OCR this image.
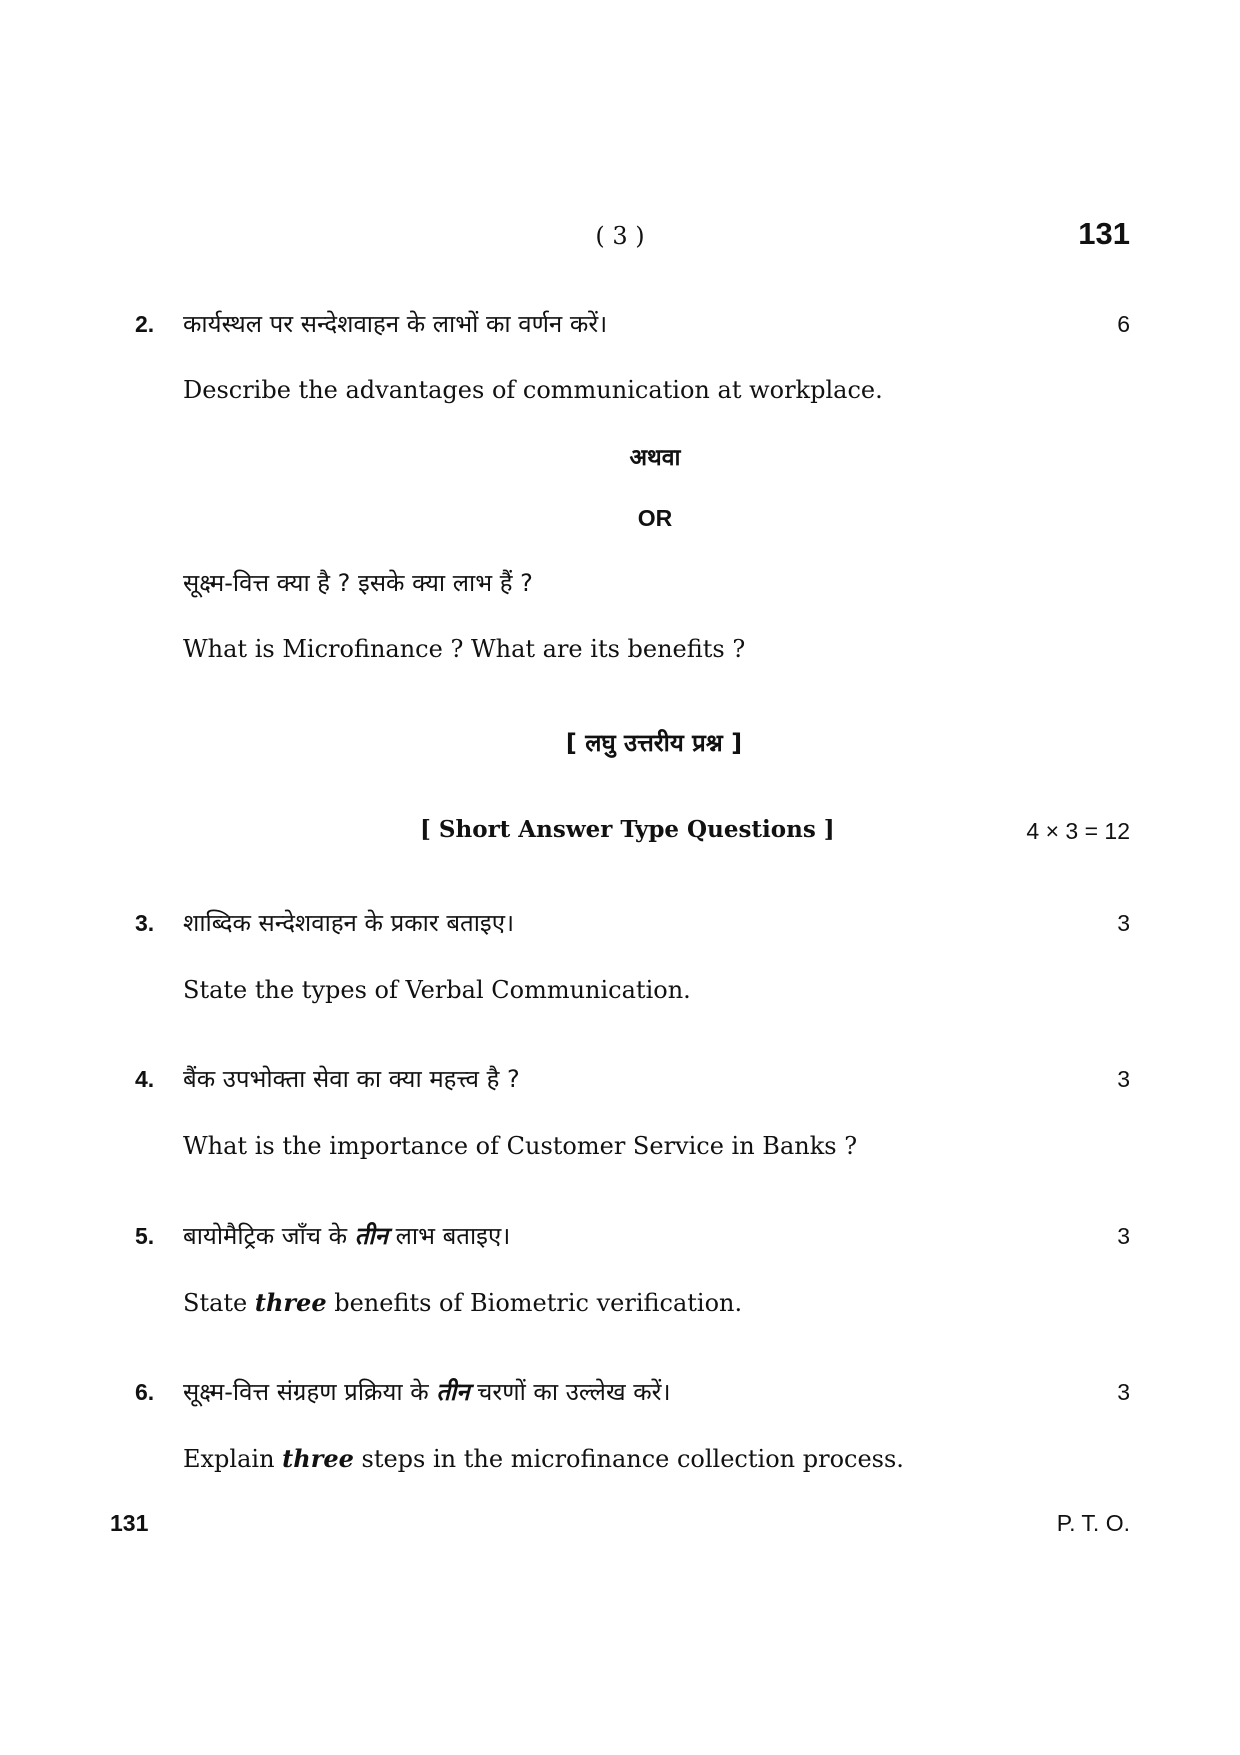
( 3 )	131
2. कार्यस्थल पर सन्देशवाहन के लाभों का वर्णन करें।	6
Describe the advantages of communication at workplace.
अथवा
OR
सूक्ष्म-वित्त क्या है ? इसके क्या लाभ हैं ?
What is Microfinance ? What are its benefits ?
[ लघु उत्तरीय प्रश्न ]
[ Short Answer Type Questions ]	4 × 3 = 12
3. शाब्दिक सन्देशवाहन के प्रकार बताइए।	3
State the types of Verbal Communication.
4. बैंक उपभोक्ता सेवा का क्या महत्त्व है ?	3
What is the importance of Customer Service in Banks ?
5. बायोमैट्रिक जाँच के तीन लाभ बताइए।	3
State three benefits of Biometric verification.
6. सूक्ष्म-वित्त संग्रहण प्रक्रिया के तीन चरणों का उल्लेख करें।	3
Explain three steps in the microfinance collection process.
131	P. T. O.
